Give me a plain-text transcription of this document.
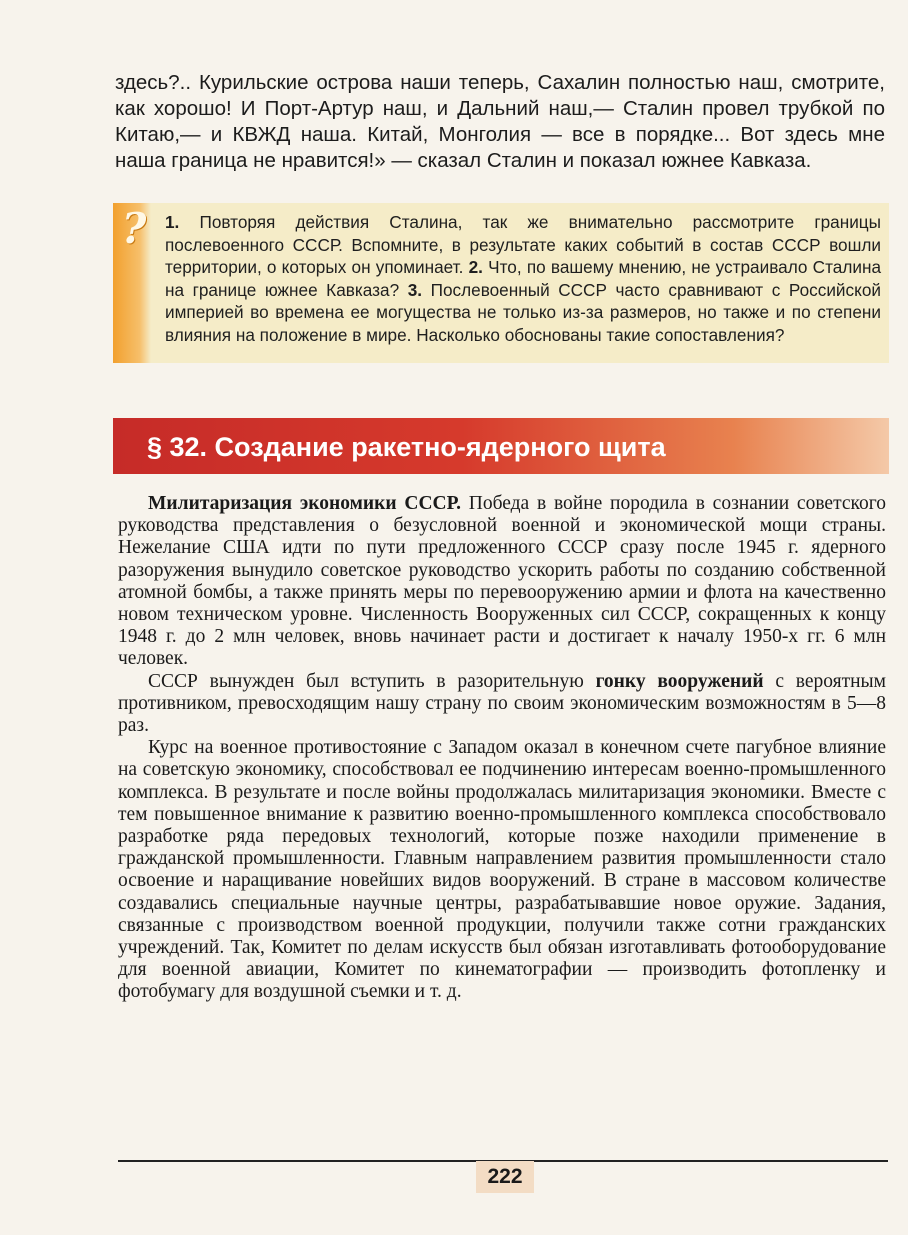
здесь?.. Курильские острова наши теперь, Сахалин полностью наш, смотрите, как хорошо! И Порт-Артур наш, и Дальний наш,— Сталин провел трубкой по Китаю,— и КВЖД наша. Китай, Монголия — все в порядке... Вот здесь мне наша граница не нравится!» — сказал Сталин и показал южнее Кавказа.

? 1. Повторяя действия Сталина, так же внимательно рассмотрите границы послевоенного СССР. Вспомните, в результате каких событий в состав СССР вошли территории, о которых он упоминает. 2. Что, по вашему мнению, не устраивало Сталина на границе южнее Кавказа? 3. Послевоенный СССР часто сравнивают с Российской империей во времена ее могущества не только из-за размеров, но также и по степени влияния на положение в мире. Насколько обоснованы такие сопоставления?

§ 32. Создание ракетно-ядерного щита

Милитаризация экономики СССР. Победа в войне породила в сознании советского руководства представления о безусловной военной и экономической мощи страны. Нежелание США идти по пути предложенного СССР сразу после 1945 г. ядерного разоружения вынудило советское руководство ускорить работы по созданию собственной атомной бомбы, а также принять меры по перевооружению армии и флота на качественно новом техническом уровне. Численность Вооруженных сил СССР, сокращенных к концу 1948 г. до 2 млн человек, вновь начинает расти и достигает к началу 1950-х гг. 6 млн человек.

СССР вынужден был вступить в разорительную гонку вооружений с вероятным противником, превосходящим нашу страну по своим экономическим возможностям в 5—8 раз.

Курс на военное противостояние с Западом оказал в конечном счете пагубное влияние на советскую экономику, способствовал ее подчинению интересам военно-промышленного комплекса. В результате и после войны продолжалась милитаризация экономики. Вместе с тем повышенное внимание к развитию военно-промышленного комплекса способствовало разработке ряда передовых технологий, которые позже находили применение в гражданской промышленности. Главным направлением развития промышленности стало освоение и наращивание новейших видов вооружений. В стране в массовом количестве создавались специальные научные центры, разрабатывавшие новое оружие. Задания, связанные с производством военной продукции, получили также сотни гражданских учреждений. Так, Комитет по делам искусств был обязан изготавливать фотооборудование для военной авиации, Комитет по кинематографии — производить фотопленку и фотобумагу для воздушной съемки и т. д.

222
